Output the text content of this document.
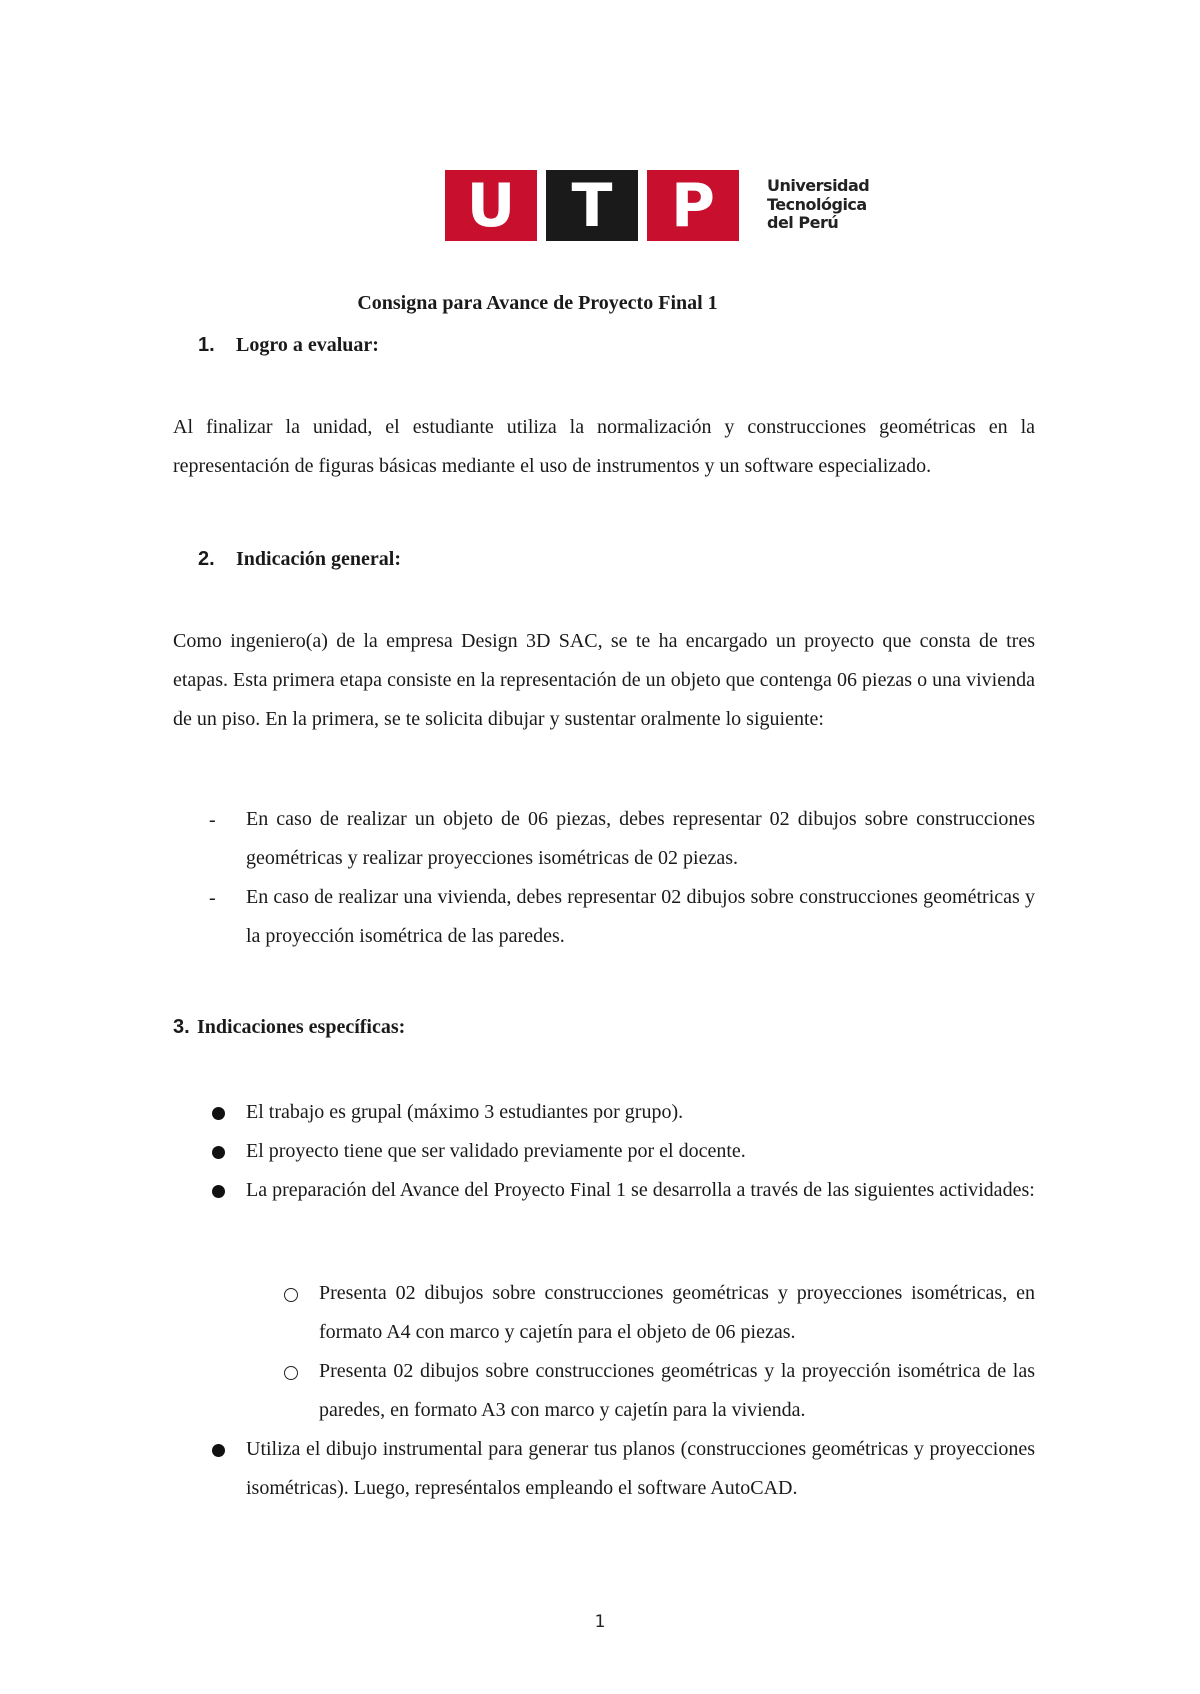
U T P	Universidad
Tecnológica
del Perú
Consigna para Avance de Proyecto Final 1
1. Logro a evaluar:
Al finalizar la unidad, el estudiante utiliza la normalización y construcciones geométricas en la representación de figuras básicas mediante el uso de instrumentos y un software especializado.
2. Indicación general:
Como ingeniero(a) de la empresa Design 3D SAC, se te ha encargado un proyecto que consta de tres etapas. Esta primera etapa consiste en la representación de un objeto que contenga 06 piezas o una vivienda de un piso. En la primera, se te solicita dibujar y sustentar oralmente lo siguiente:
- En caso de realizar un objeto de 06 piezas, debes representar 02 dibujos sobre construcciones geométricas y realizar proyecciones isométricas de 02 piezas.
- En caso de realizar una vivienda, debes representar 02 dibujos sobre construcciones geométricas y la proyección isométrica de las paredes.
3. Indicaciones específicas:
El trabajo es grupal (máximo 3 estudiantes por grupo).
El proyecto tiene que ser validado previamente por el docente.
La preparación del Avance del Proyecto Final 1 se desarrolla a través de las siguientes actividades:
Presenta 02 dibujos sobre construcciones geométricas y proyecciones isométricas, en formato A4 con marco y cajetín para el objeto de 06 piezas.
Presenta 02 dibujos sobre construcciones geométricas y la proyección isométrica de las paredes, en formato A3 con marco y cajetín para la vivienda.
Utiliza el dibujo instrumental para generar tus planos (construcciones geométricas y proyecciones isométricas). Luego, represéntalos empleando el software AutoCAD.
1
